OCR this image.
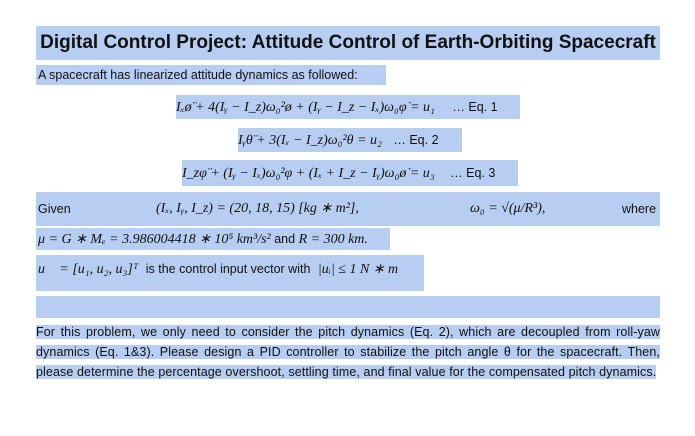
Digital Control Project: Attitude Control of Earth-Orbiting Spacecraft
A spacecraft has linearized attitude dynamics as followed:
Iₓø̈ + 4(Iᵧ − I_z)ω₀²ø + (Iᵧ − I_z − Iₓ)ω₀φ̇ = u₁ … Eq. 1
Iᵧθ̈ + 3(Iₓ − I_z)ω₀²θ = u₂ … Eq. 2
I_zφ̈ + (Iᵧ − Iₓ)ω₀²φ + (Iₓ + I_z − Iᵧ)ω₀ø̇ = u₃ … Eq. 3
Given	(Iₓ, Iᵧ, I_z) = (20, 18, 15) [kg ∗ m²],	ω₀ = √(μ/R³),	where
μ = G ∗ Mₑ = 3.986004418 ∗ 10⁵ km³/s² and R = 300 km.
u⃗ = [u₁, u₂, u₃]ᵀ is the control input vector with |uᵢ| ≤ 1 N ∗ m
For this problem, we only need to consider the pitch dynamics (Eq. 2), which are decoupled from roll-yaw dynamics (Eq. 1&3). Please design a PID controller to stabilize the pitch angle θ for the spacecraft. Then, please determine the percentage overshoot, settling time, and final value for the compensated pitch dynamics.
